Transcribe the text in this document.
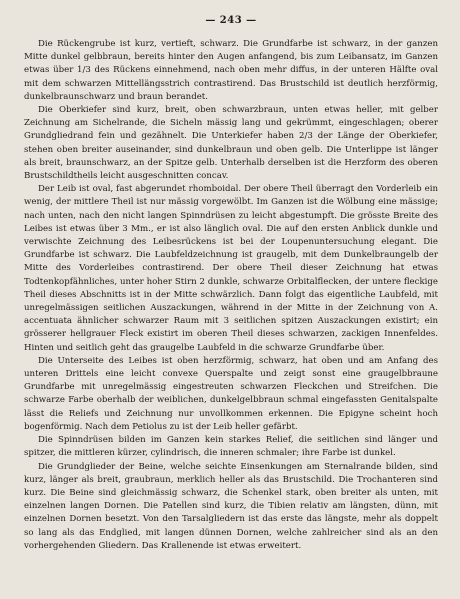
— 243 —

Die Rückengrube ist kurz, vertieft, schwarz. Die Grundfarbe ist schwarz, in der ganzen Mitte dunkel gelbbraun, bereits hinter den Augen anfangend, bis zum Leibansatz, im Ganzen etwas über 1/3 des Rückens einnehmend, nach oben mehr diffus, in der unteren Hälfte oval mit dem schwarzen Mittellängsstrich contrastirend. Das Brustschild ist deutlich herzförmig, dunkelbraunschwarz und braun berandet.

Die Oberkiefer sind kurz, breit, oben schwarzbraun, unten etwas heller, mit gelber Zeichnung am Sichelrande, die Sicheln mässig lang und gekrümmt, eingeschlagen; oberer Grundgliedrand fein und gezähnelt. Die Unterkiefer haben 2/3 der Länge der Oberkiefer, stehen oben breiter auseinander, sind dunkelbraun und oben gelb. Die Unterlippe ist länger als breit, braunschwarz, an der Spitze gelb. Unterhalb derselben ist die Herzform des oberen Brustschildtheils leicht ausgeschnitten concav.

Der Leib ist oval, fast abgerundet rhomboidal. Der obere Theil überragt den Vorderleib ein wenig, der mittlere Theil ist nur mässig vorgewölbt. Im Ganzen ist die Wölbung eine mässige; nach unten, nach den nicht langen Spinndrüsen zu leicht abgestumpft. Die grösste Breite des Leibes ist etwas über 3 Mm., er ist also länglich oval. Die auf den ersten Anblick dunkle und verwischte Zeichnung des Leibesrückens ist bei der Loupenuntersuchung elegant. Die Grundfarbe ist schwarz. Die Laubfeldzeichnung ist graugelb, mit dem Dunkelbraungelb der Mitte des Vorderleibes contrastirend. Der obere Theil dieser Zeichnung hat etwas Todtenkopfähnliches, unter hoher Stirn 2 dunkle, schwarze Orbitalflecken, der untere fleckige Theil dieses Abschnitts ist in der Mitte schwärzlich. Dann folgt das eigentliche Laubfeld, mit unregelmässigen seitlichen Auszackungen, während in der Mitte in der Zeichnung von A. accentuata ähnlicher schwarzer Raum mit 3 seitlichen spitzen Auszackungen existirt; ein grösserer hellgrauer Fleck existirt im oberen Theil dieses schwarzen, zackigen Innenfeldes. Hinten und seitlich geht das graugelbe Laubfeld in die schwarze Grundfarbe über.

Die Unterseite des Leibes ist oben herzförmig, schwarz, hat oben und am Anfang des unteren Drittels eine leicht convexe Querspalte und zeigt sonst eine graugelbbraune Grundfarbe mit unregelmässig eingestreuten schwarzen Fleckchen und Streifchen. Die schwarze Farbe oberhalb der weiblichen, dunkelgelbbraun schmal eingefassten Genitalspalte lässt die Reliefs und Zeichnung nur unvollkommen erkennen. Die Epigyne scheint hoch bogenförmig. Nach dem Petiolus zu ist der Leib heller gefärbt.

Die Spinndrüsen bilden im Ganzen kein starkes Relief, die seitlichen sind länger und spitzer, die mittleren kürzer, cylindrisch, die inneren schmaler; ihre Farbe ist dunkel.

Die Grundglieder der Beine, welche seichte Einsenkungen am Sternalrande bilden, sind kurz, länger als breit, graubraun, merklich heller als das Brustschild. Die Trochanteren sind kurz. Die Beine sind gleichmässig schwarz, die Schenkel stark, oben breiter als unten, mit einzelnen langen Dornen. Die Patellen sind kurz, die Tibien relativ am längsten, dünn, mit einzelnen Dornen besetzt. Von den Tarsalgliedern ist das erste das längste, mehr als doppelt so lang als das Endglied, mit langen dünnen Dornen, welche zahlreicher sind als an den vorhergehenden Gliedern. Das Krallenende ist etwas erweitert.
